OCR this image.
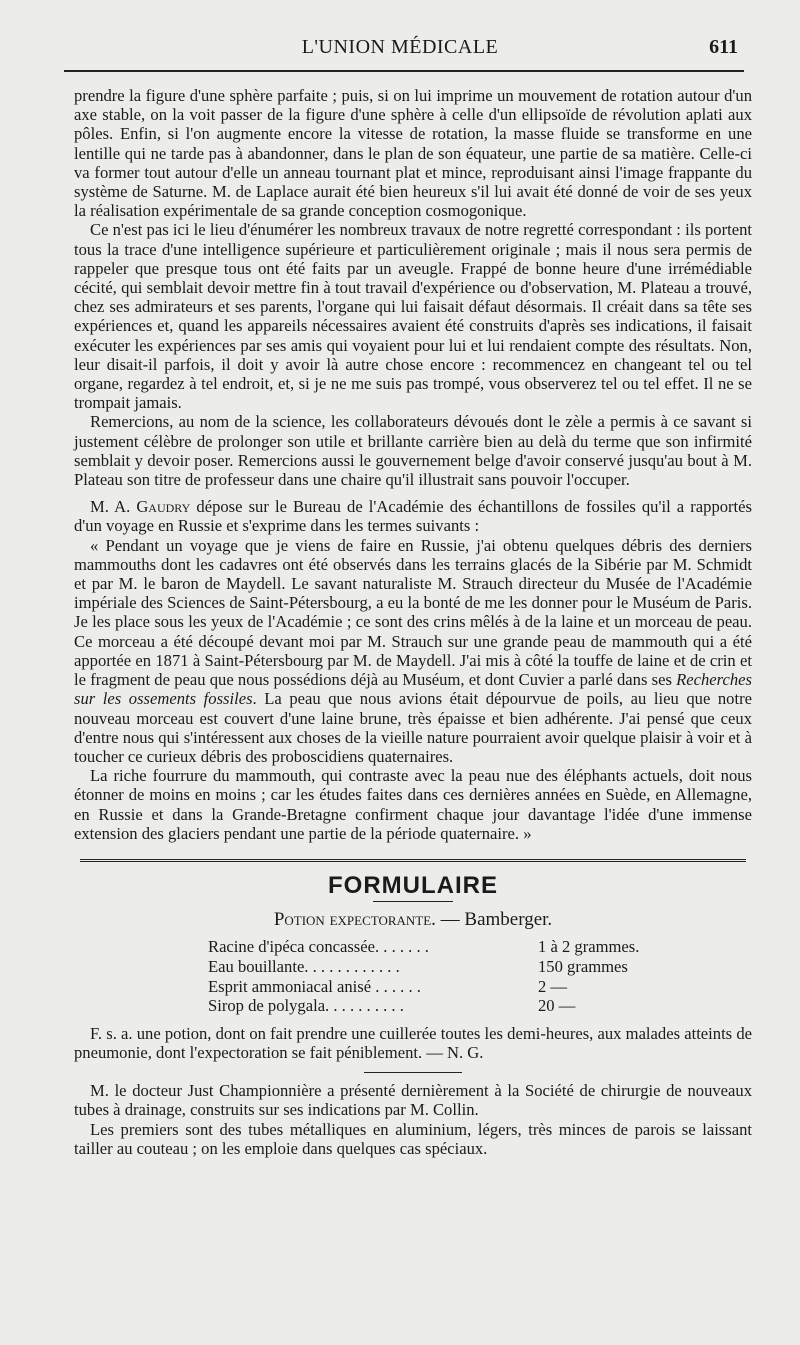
L'UNION MÉDICALE	611

prendre la figure d'une sphère parfaite ; puis, si on lui imprime un mouvement de rotation autour d'un axe stable, on la voit passer de la figure d'une sphère à celle d'un ellipsoïde de révolution aplati aux pôles. Enfin, si l'on augmente encore la vitesse de rotation, la masse fluide se transforme en une lentille qui ne tarde pas à abandonner, dans le plan de son équateur, une partie de sa matière. Celle-ci va former tout autour d'elle un anneau tournant plat et mince, reproduisant ainsi l'image frappante du système de Saturne. M. de Laplace aurait été bien heureux s'il lui avait été donné de voir de ses yeux la réalisation expérimentale de sa grande conception cosmogonique.

Ce n'est pas ici le lieu d'énumérer les nombreux travaux de notre regretté correspondant : ils portent tous la trace d'une intelligence supérieure et particulièrement originale ; mais il nous sera permis de rappeler que presque tous ont été faits par un aveugle. Frappé de bonne heure d'une irrémédiable cécité, qui semblait devoir mettre fin à tout travail d'expérience ou d'observation, M. Plateau a trouvé, chez ses admirateurs et ses parents, l'organe qui lui faisait défaut désormais. Il créait dans sa tête ses expériences et, quand les appareils nécessaires avaient été construits d'après ses indications, il faisait exécuter les expériences par ses amis qui voyaient pour lui et lui rendaient compte des résultats. Non, leur disait-il parfois, il doit y avoir là autre chose encore : recommencez en changeant tel ou tel organe, regardez à tel endroit, et, si je ne me suis pas trompé, vous observerez tel ou tel effet. Il ne se trompait jamais.

Remercions, au nom de la science, les collaborateurs dévoués dont le zèle a permis à ce savant si justement célèbre de prolonger son utile et brillante carrière bien au delà du terme que son infirmité semblait y devoir poser. Remercions aussi le gouvernement belge d'avoir conservé jusqu'au bout à M. Plateau son titre de professeur dans une chaire qu'il illustrait sans pouvoir l'occuper.

M. A. Gaudry dépose sur le Bureau de l'Académie des échantillons de fossiles qu'il a rapportés d'un voyage en Russie et s'exprime dans les termes suivants :

« Pendant un voyage que je viens de faire en Russie, j'ai obtenu quelques débris des derniers mammouths dont les cadavres ont été observés dans les terrains glacés de la Sibérie par M. Schmidt et par M. le baron de Maydell. Le savant naturaliste M. Strauch directeur du Musée de l'Académie impériale des Sciences de Saint-Pétersbourg, a eu la bonté de me les donner pour le Muséum de Paris. Je les place sous les yeux de l'Académie ; ce sont des crins mêlés à de la laine et un morceau de peau. Ce morceau a été découpé devant moi par M. Strauch sur une grande peau de mammouth qui a été apportée en 1871 à Saint-Pétersbourg par M. de Maydell. J'ai mis à côté la touffe de laine et de crin et le fragment de peau que nous possédions déjà au Muséum, et dont Cuvier a parlé dans ses Recherches sur les ossements fossiles. La peau que nous avions était dépourvue de poils, au lieu que notre nouveau morceau est couvert d'une laine brune, très épaisse et bien adhérente. J'ai pensé que ceux d'entre nous qui s'intéressent aux choses de la vieille nature pourraient avoir quelque plaisir à voir et à toucher ce curieux débris des proboscidiens quaternaires.

La riche fourrure du mammouth, qui contraste avec la peau nue des éléphants actuels, doit nous étonner de moins en moins ; car les études faites dans ces dernières années en Suède, en Allemagne, en Russie et dans la Grande-Bretagne confirment chaque jour davantage l'idée d'une immense extension des glaciers pendant une partie de la période quaternaire. »

FORMULAIRE
Potion expectorante. — Bamberger.
Racine d'ipéca concassée. . . . . . .	1 à 2 grammes.
Eau bouillante. . . . . . . . . . . .	150 grammes
Esprit ammoniacal anisé . . . . . .	2 —
Sirop de polygala. . . . . . . . . .	20 —

F. s. a. une potion, dont on fait prendre une cuillerée toutes les demi-heures, aux malades atteints de pneumonie, dont l'expectoration se fait péniblement. — N. G.

M. le docteur Just Championnière a présenté dernièrement à la Société de chirurgie de nouveaux tubes à drainage, construits sur ses indications par M. Collin.

Les premiers sont des tubes métalliques en aluminium, légers, très minces de parois se laissant tailler au couteau ; on les emploie dans quelques cas spéciaux.
